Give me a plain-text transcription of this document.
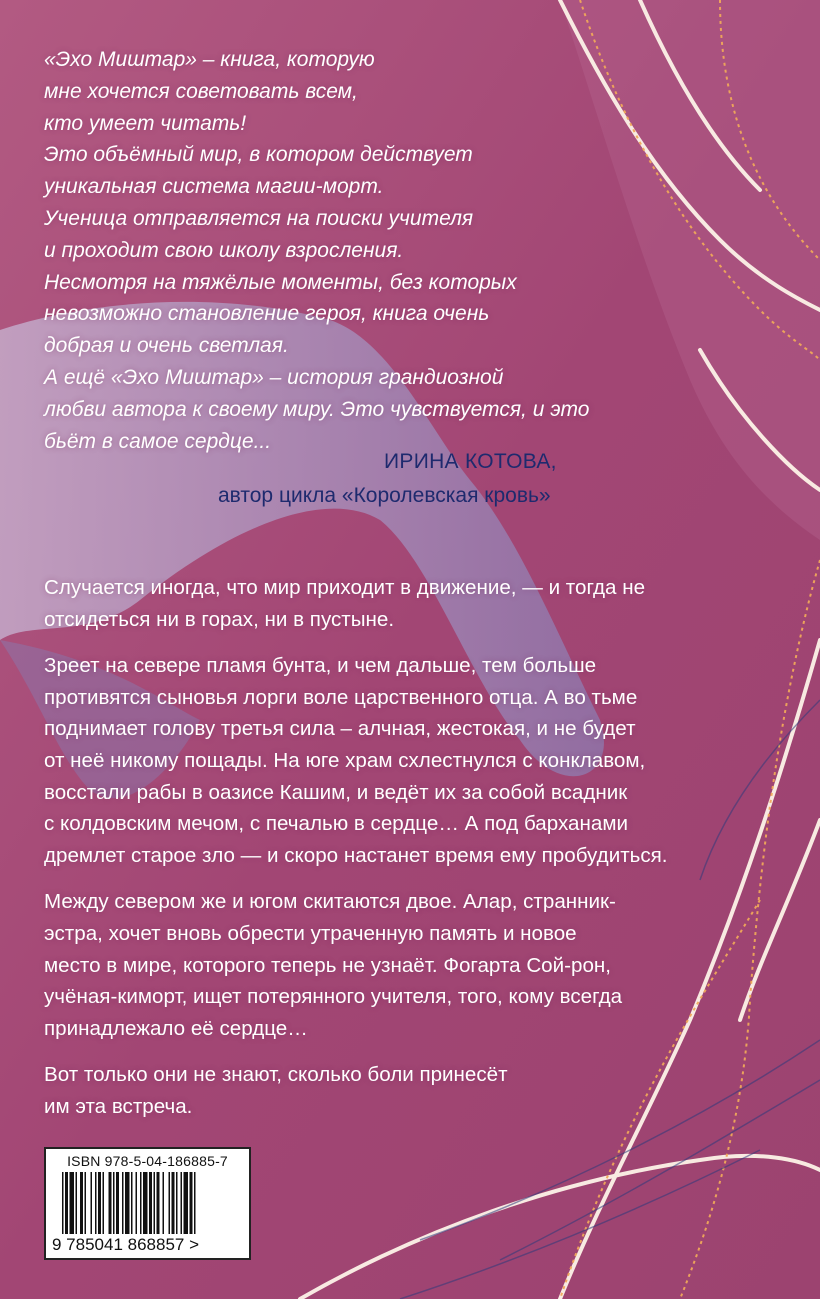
«Эхо Миштар» – книга, которую
мне хочется советовать всем,
кто умеет читать!
Это объёмный мир, в котором действует
уникальная система магии-морт.
Ученица отправляется на поиски учителя
и проходит свою школу взросления.
Несмотря на тяжёлые моменты, без которых
невозможно становление героя, книга очень
добрая и очень светлая.
А ещё «Эхо Миштар» – история грандиозной
любви автора к своему миру. Это чувствуется, и это
бьёт в самое сердце...
ИРИНА КОТОВА,
автор цикла «Королевская кровь»

Случается иногда, что мир приходит в движение, — и тогда не
отсидеться ни в горах, ни в пустыне.

Зреет на севере пламя бунта, и чем дальше, тем больше
противятся сыновья лорги воле царственного отца. А во тьме
поднимает голову третья сила – алчная, жестокая, и не будет
от неё никому пощады. На юге храм схлестнулся с конклавом,
восстали рабы в оазисе Кашим, и ведёт их за собой всадник
с колдовским мечом, с печалью в сердце… А под барханами
дремлет старое зло — и скоро настанет время ему пробудиться.

Между севером же и югом скитаются двое. Алар, странник-
эстра, хочет вновь обрести утраченную память и новое
место в мире, которого теперь не узнаёт. Фогарта Сой-рон,
учёная-киморт, ищет потерянного учителя, того, кому всегда
принадлежало её сердце…

Вот только они не знают, сколько боли принесёт
им эта встреча.

ISBN 978-5-04-186885-7
9 785041 868857 >
